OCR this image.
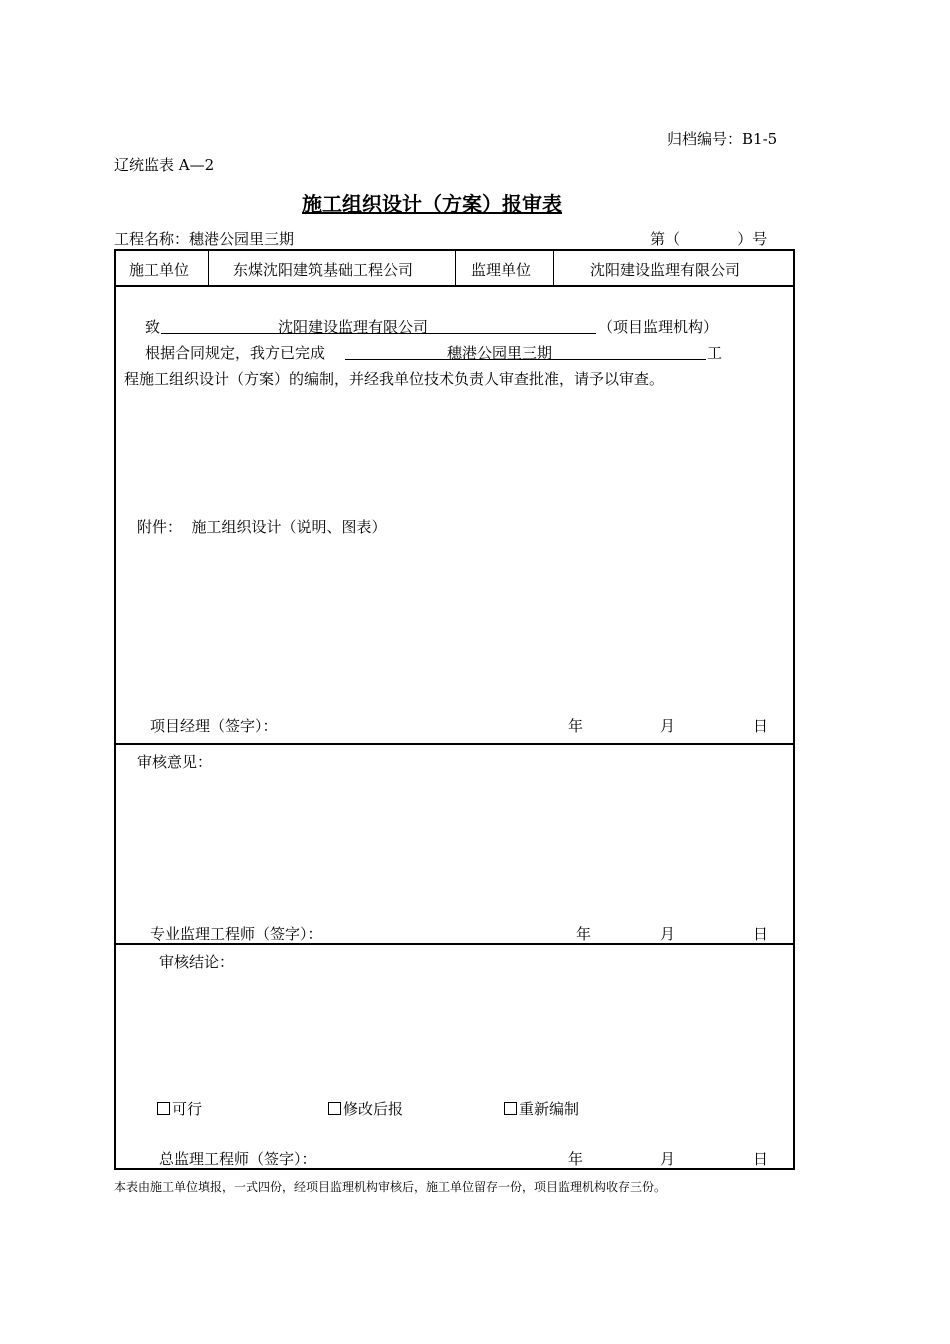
归档编号：B1-5
辽统监表 A—2
施工组织设计（方案）报审表
工程名称：穗港公园里三期	第（            ）号
施工单位	东煤沈阳建筑基础工程公司	监理单位	沈阳建设监理有限公司
致	沈阳建设监理有限公司	（项目监理机构）
根据合同规定，我方已完成	穗港公园里三期	工
程施工组织设计（方案）的编制，并经我单位技术负责人审查批准，请予以审查。
附件：  施工组织设计（说明、图表）
项目经理（签字）：	年	月	日
审核意见：
专业监理工程师（签字）：	年	月	日
审核结论：
可行	修改后报	重新编制
总监理工程师（签字）：	年	月	日
本表由施工单位填报，一式四份，经项目监理机构审核后，施工单位留存一份，项目监理机构收存三份。
